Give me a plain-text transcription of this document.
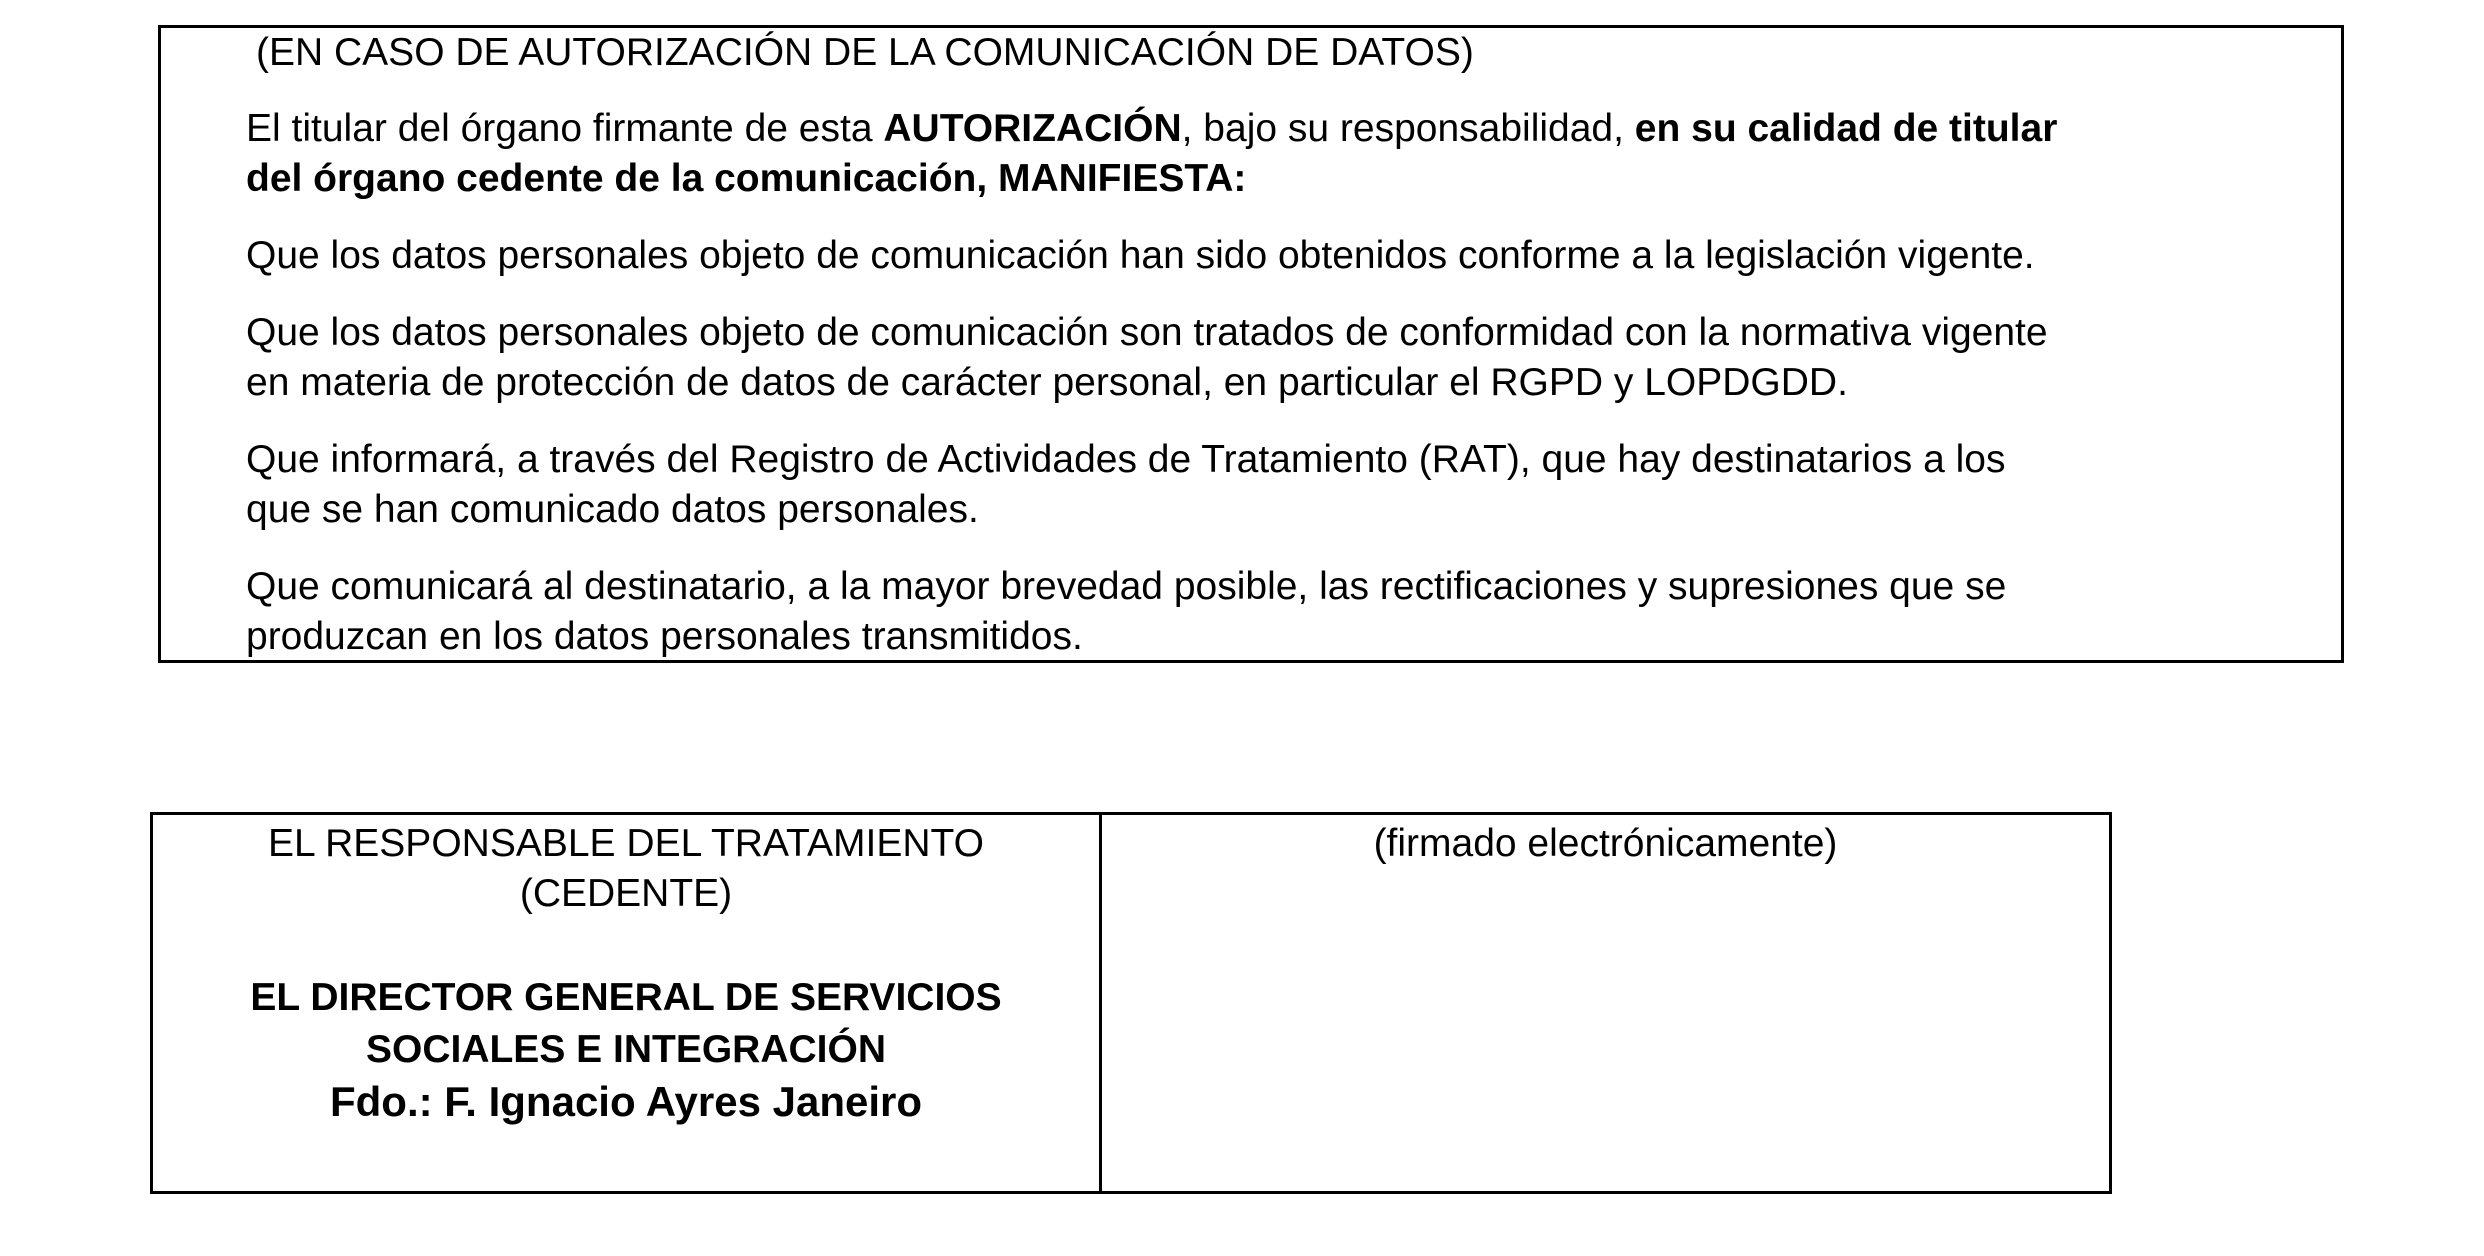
(EN CASO DE AUTORIZACIÓN DE LA COMUNICACIÓN DE DATOS)

El titular del órgano firmante de esta AUTORIZACIÓN, bajo su responsabilidad, en su calidad de titular

del órgano cedente de la comunicación, MANIFIESTA:

Que los datos personales objeto de comunicación han sido obtenidos conforme a la legislación vigente.

Que los datos personales objeto de comunicación son tratados de conformidad con la normativa vigente

en materia de protección de datos de carácter personal, en particular el RGPD y LOPDGDD.

Que informará, a través del Registro de Actividades de Tratamiento (RAT), que hay destinatarios a los

que se han comunicado datos personales.

Que comunicará al destinatario, a la mayor brevedad posible, las rectificaciones y supresiones que se

produzcan en los datos personales transmitidos.

EL RESPONSABLE DEL TRATAMIENTO
(CEDENTE)
EL DIRECTOR GENERAL DE SERVICIOS
SOCIALES E INTEGRACIÓN
Fdo.: F. Ignacio Ayres Janeiro
(firmado electrónicamente)
